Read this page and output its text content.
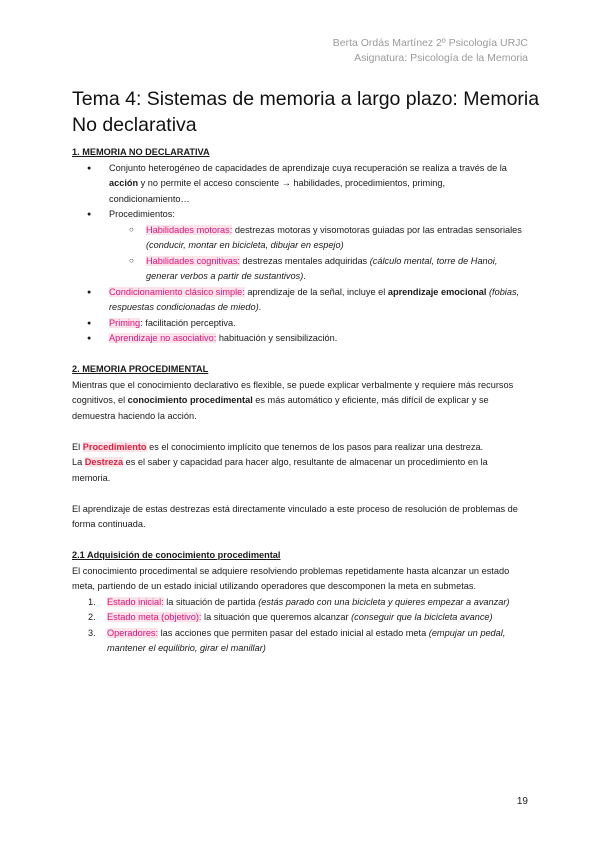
Berta Ordás Martínez 2º Psicología URJC
Asignatura: Psicología de la Memoria
Tema 4: Sistemas de memoria a largo plazo: Memoria No declarativa

1. MEMORIA NO DECLARATIVA

● Conjunto heterogéneo de capacidades de aprendizaje cuya recuperación se realiza a través de la acción y no permite el acceso consciente → habilidades, procedimientos, priming, condicionamiento…
● Procedimientos:
○ Habilidades motoras: destrezas motoras y visomotoras guiadas por las entradas sensoriales (conducir, montar en bicicleta, dibujar en espejo)
○ Habilidades cognitivas: destrezas mentales adquiridas (cálculo mental, torre de Hanoi, generar verbos a partir de sustantivos).
● Condicionamiento clásico simple: aprendizaje de la señal, incluye el aprendizaje emocional (fobias, respuestas condicionadas de miedo).
● Priming: facilitación perceptiva.
● Aprendizaje no asociativo: habituación y sensibilización.

2. MEMORIA PROCEDIMENTAL

Mientras que el conocimiento declarativo es flexible, se puede explicar verbalmente y requiere más recursos cognitivos, el conocimiento procedimental es más automático y eficiente, más difícil de explicar y se demuestra haciendo la acción.

El Procedimiento es el conocimiento implícito que tenemos de los pasos para realizar una destreza.

La Destreza es el saber y capacidad para hacer algo, resultante de almacenar un procedimiento en la memoria.

El aprendizaje de estas destrezas está directamente vinculado a este proceso de resolución de problemas de forma continuada.

2.1 Adquisición de conocimiento procedimental

El conocimiento procedimental se adquiere resolviendo problemas repetidamente hasta alcanzar un estado meta, partiendo de un estado inicial utilizando operadores que descomponen la meta en submetas.

1. Estado inicial: la situación de partida (estás parado con una bicicleta y quieres empezar a avanzar)
2. Estado meta (objetivo): la situación que queremos alcanzar (conseguir que la bicicleta avance)
3. Operadores: las acciones que permiten pasar del estado inicial al estado meta (empujar un pedal, mantener el equilibrio, girar el manillar)
19
